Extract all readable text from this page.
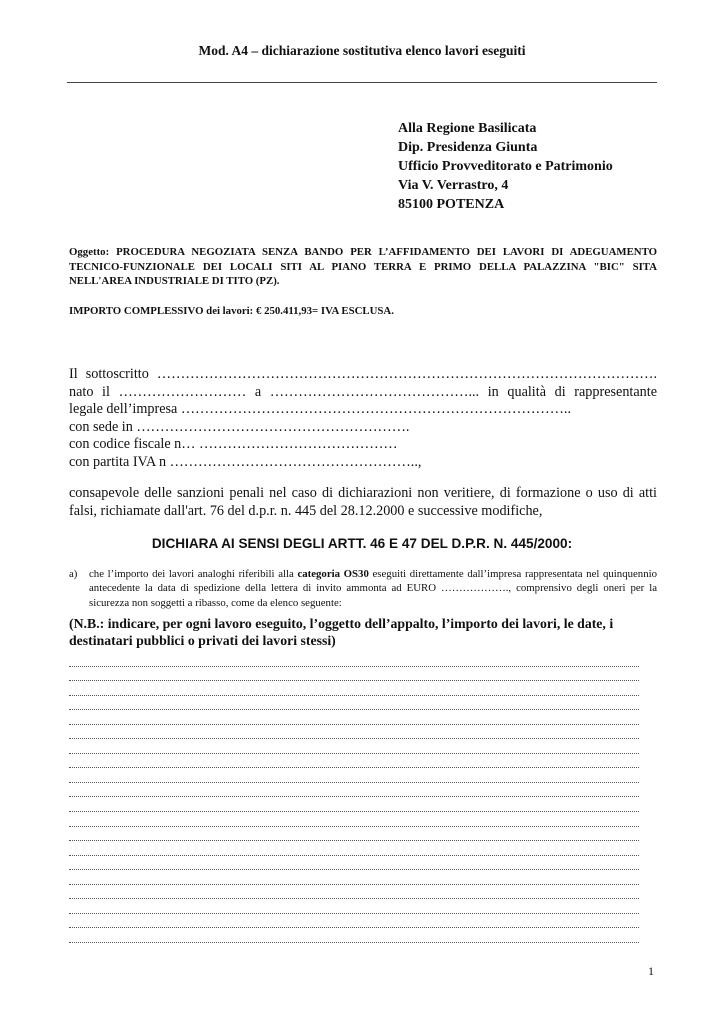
Mod. A4 – dichiarazione sostitutiva elenco lavori eseguiti
Alla Regione Basilicata
Dip. Presidenza Giunta
Ufficio Provveditorato e Patrimonio
Via V. Verrastro, 4
85100 POTENZA
Oggetto: PROCEDURA NEGOZIATA SENZA BANDO PER L’AFFIDAMENTO DEI LAVORI DI ADEGUAMENTO TECNICO-FUNZIONALE DEI LOCALI SITI AL PIANO TERRA E PRIMO DELLA PALAZZINA "BIC" SITA NELL'AREA INDUSTRIALE DI TITO (PZ).
IMPORTO COMPLESSIVO dei lavori: € 250.411,93= IVA ESCLUSA.
Il sottoscritto …………………………………………………………………………………………….
nato il ……………………… a ……………………………………... in qualità di rappresentante
legale dell’impresa ………………………………………………………………………..
con sede in ………………………………………………….
con codice fiscale n… ……………………………………
con partita IVA n ……………………………………………..,
consapevole delle sanzioni penali nel caso di dichiarazioni non veritiere, di formazione o uso di atti falsi, richiamate dall'art. 76 del d.p.r. n. 445 del 28.12.2000 e successive modifiche,
DICHIARA AI SENSI DEGLI ARTT. 46 E 47 DEL D.P.R. N. 445/2000:
a) che l’importo dei lavori analoghi riferibili alla categoria OS30 eseguiti direttamente dall’impresa rappresentata nel quinquennio antecedente la data di spedizione della lettera di invito ammonta ad EURO ………………., comprensivo degli oneri per la sicurezza non soggetti a ribasso, come da elenco seguente:
(N.B.: indicare, per ogni lavoro eseguito, l’oggetto dell’appalto, l’importo dei lavori, le date, i destinatari pubblici o privati dei lavori stessi)
1
